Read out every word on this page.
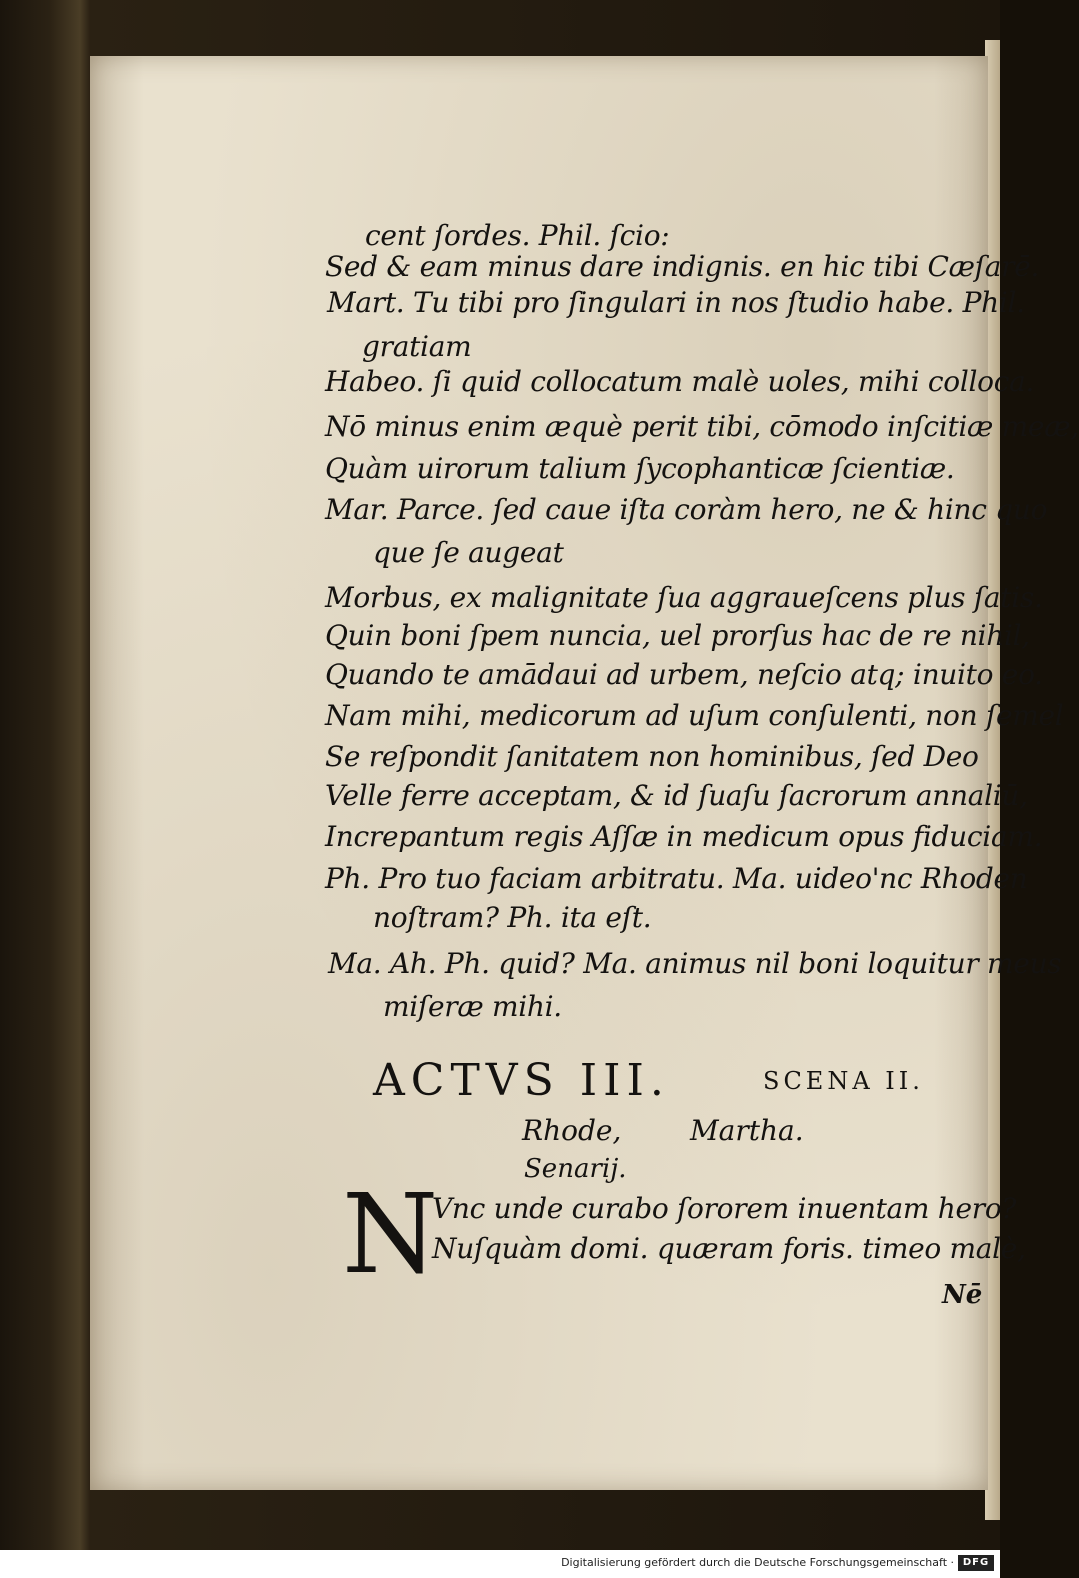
cent ſordes. Phil. ſcio:
Sed & eam minus dare indignis. en hic tibi Cæſarē.
Mart. Tu tibi pro ſingulari in nos ſtudio habe. Phil.
gratiam
Habeo. ſi quid collocatum malè uoles, mihi colloca.
Nō minus enim æquè perit tibi, cōmodo inſcitiæ meæ,
Quàm uirorum talium ſycophanticæ ſcientiæ.
Mar. Parce. ſed caue iſta coràm hero, ne & hinc quo
que ſe augeat
Morbus, ex malignitate ſua aggraueſcens plus ſatis.
Quin boni ſpem nuncia, uel prorſus hac de re nihil,
Quando te amādaui ad urbem, neſcio atq; inuito eo.
Nam mihi, medicorum ad uſum conſulenti, non ſemel
Se reſpondit ſanitatem non hominibus, ſed Deo
Velle ferre acceptam, & id ſuaſu ſacrorum annaliū,
Increpantum regis Aſſæ in medicum opus fiduciam.
Ph. Pro tuo faciam arbitratu. Ma. uideo'nc Rhoden
noſtram? Ph. ita eſt.
Ma. Ah. Ph. quid? Ma. animus nil boni loquitur meus
miſeræ mihi.
ACTVS III.	SCENA II.
Rhode, Martha.
Senarij.
N
Vnc unde curabo ſororem inuentam hero?
Nuſquàm domi. quæram foris. timeo malè,
Nē
Digitalisierung gefördert durch die Deutsche Forschungsgemeinschaft · DFG
